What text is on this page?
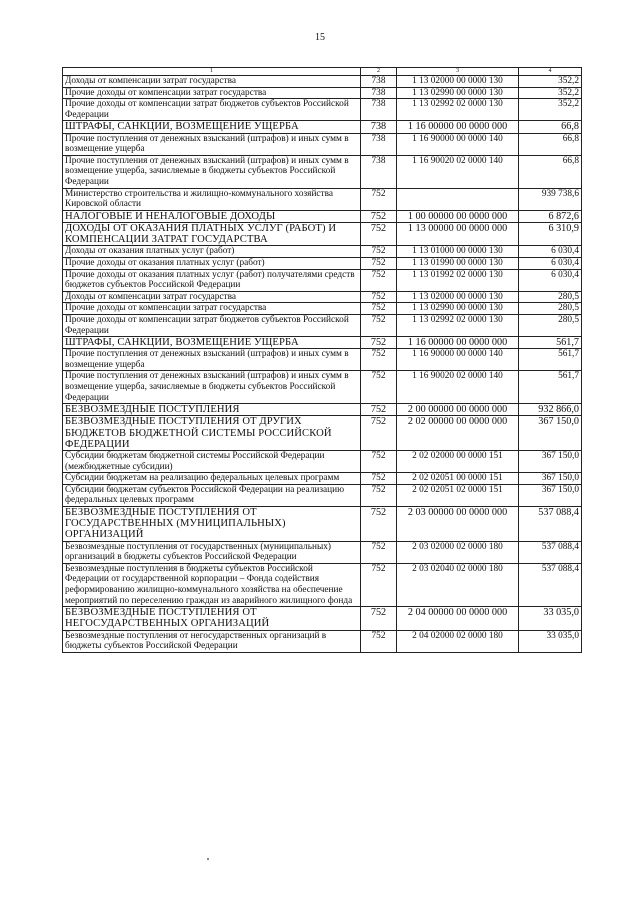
15
1	2	3	4
Доходы от компенсации затрат государства	738	1 13 02000 00 0000 130	352,2
Прочие доходы от компенсации затрат государства	738	1 13 02990 00 0000 130	352,2
Прочие доходы от компенсации затрат бюджетов субъектов Российской Федерации	738	1 13 02992 02 0000 130	352,2
ШТРАФЫ, САНКЦИИ, ВОЗМЕЩЕНИЕ УЩЕРБА	738	1 16 00000 00 0000 000	66,8
Прочие поступления от денежных взысканий (штрафов) и иных сумм в возмещение ущерба	738	1 16 90000 00 0000 140	66,8
Прочие поступления от денежных взысканий (штрафов) и иных сумм в возмещение ущерба, зачисляемые в бюджеты субъектов Российской Федерации	738	1 16 90020 02 0000 140	66,8
Министерство строительства и жилищно-коммунального хозяйства Кировской области	752		939 738,6
НАЛОГОВЫЕ И НЕНАЛОГОВЫЕ ДОХОДЫ	752	1 00 00000 00 0000 000	6 872,6
ДОХОДЫ ОТ ОКАЗАНИЯ ПЛАТНЫХ УСЛУГ (РАБОТ) И КОМПЕНСАЦИИ ЗАТРАТ ГОСУДАРСТВА	752	1 13 00000 00 0000 000	6 310,9
Доходы от оказания платных услуг (работ)	752	1 13 01000 00 0000 130	6 030,4
Прочие доходы от оказания платных услуг (работ)	752	1 13 01990 00 0000 130	6 030,4
Прочие доходы от оказания платных услуг (работ) получателями средств бюджетов субъектов Российской Федерации	752	1 13 01992 02 0000 130	6 030,4
Доходы от компенсации затрат государства	752	1 13 02000 00 0000 130	280,5
Прочие доходы от компенсации затрат государства	752	1 13 02990 00 0000 130	280,5
Прочие доходы от компенсации затрат бюджетов субъектов Российской Федерации	752	1 13 02992 02 0000 130	280,5
ШТРАФЫ, САНКЦИИ, ВОЗМЕЩЕНИЕ УЩЕРБА	752	1 16 00000 00 0000 000	561,7
Прочие поступления от денежных взысканий (штрафов) и иных сумм в возмещение ущерба	752	1 16 90000 00 0000 140	561,7
Прочие поступления от денежных взысканий (штрафов) и иных сумм в возмещение ущерба, зачисляемые в бюджеты субъектов Российской Федерации	752	1 16 90020 02 0000 140	561,7
БЕЗВОЗМЕЗДНЫЕ ПОСТУПЛЕНИЯ	752	2 00 00000 00 0000 000	932 866,0
БЕЗВОЗМЕЗДНЫЕ ПОСТУПЛЕНИЯ ОТ ДРУГИХ БЮДЖЕТОВ БЮДЖЕТНОЙ СИСТЕМЫ РОССИЙСКОЙ ФЕДЕРАЦИИ	752	2 02 00000 00 0000 000	367 150,0
Субсидии бюджетам бюджетной системы Российской Федерации (межбюджетные субсидии)	752	2 02 02000 00 0000 151	367 150,0
Субсидии бюджетам на реализацию федеральных целевых программ	752	2 02 02051 00 0000 151	367 150,0
Субсидии бюджетам субъектов Российской Федерации на реализацию федеральных целевых программ	752	2 02 02051 02 0000 151	367 150,0
БЕЗВОЗМЕЗДНЫЕ ПОСТУПЛЕНИЯ ОТ ГОСУДАРСТВЕННЫХ (МУНИЦИПАЛЬНЫХ) ОРГАНИЗАЦИЙ	752	2 03 00000 00 0000 000	537 088,4
Безвозмездные поступления от государственных (муниципальных) организаций в бюджеты субъектов Российской Федерации	752	2 03 02000 02 0000 180	537 088,4
Безвозмездные поступления в бюджеты субъектов Российской Федерации от государственной корпорации – Фонда содействия реформированию жилищно-коммунального хозяйства на обеспечение мероприятий по переселению граждан из аварийного жилищного фонда	752	2 03 02040 02 0000 180	537 088,4
БЕЗВОЗМЕЗДНЫЕ ПОСТУПЛЕНИЯ ОТ НЕГОСУДАРСТВЕННЫХ ОРГАНИЗАЦИЙ	752	2 04 00000 00 0000 000	33 035,0
Безвозмездные поступления от негосударственных организаций в бюджеты субъектов Российской Федерации	752	2 04 02000 02 0000 180	33 035,0
